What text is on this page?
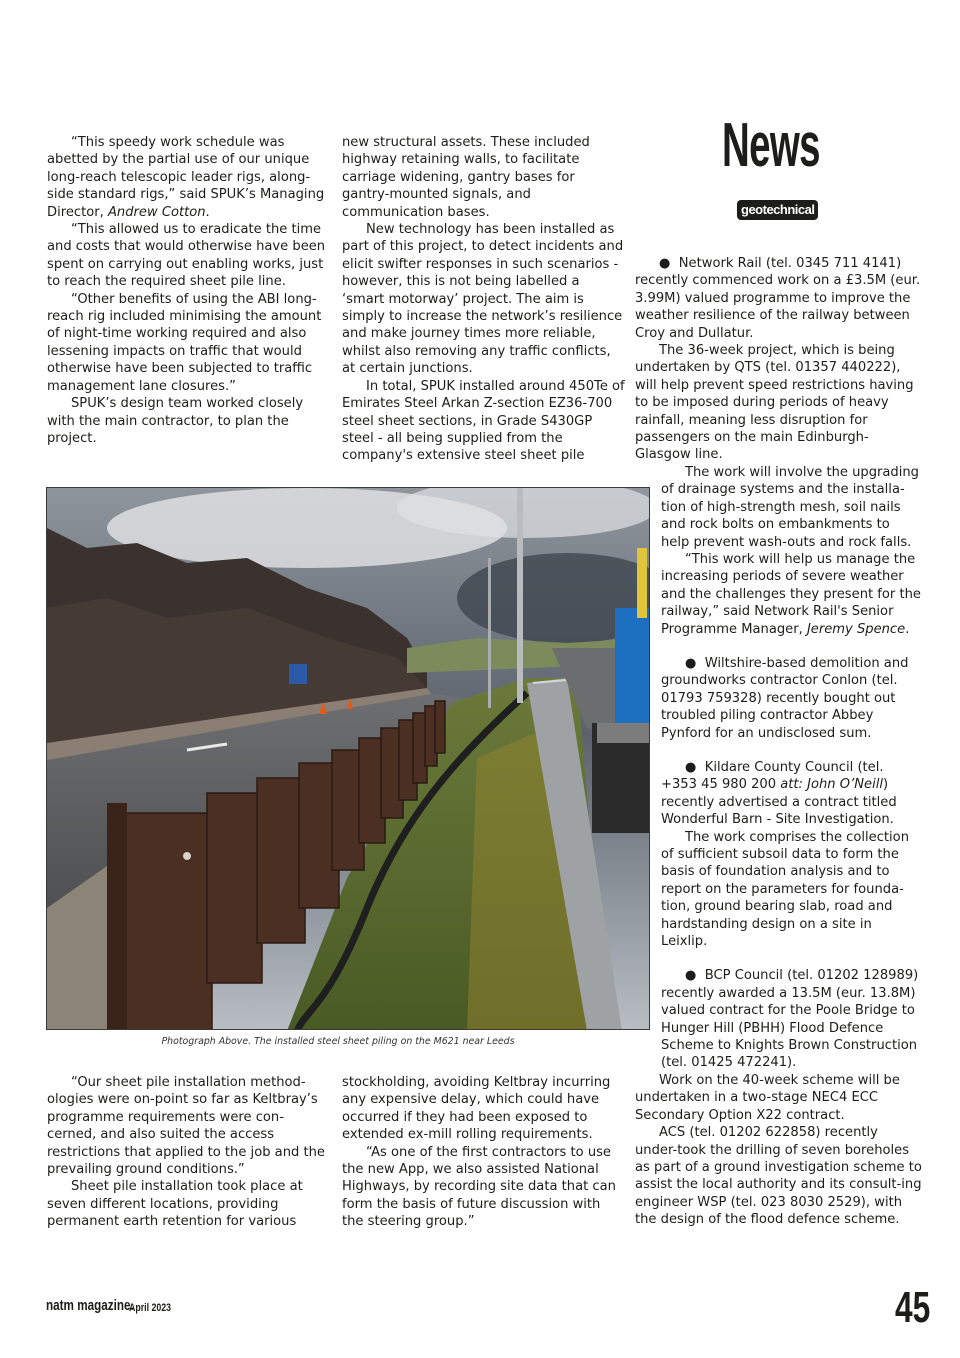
News
geotechnical

“This speedy work schedule was abetted by the partial use of our unique long-reach telescopic leader rigs, along-side standard rigs,” said SPUK’s Managing Director, Andrew Cotton.

“This allowed us to eradicate the time and costs that would otherwise have been spent on carrying out enabling works, just to reach the required sheet pile line.

“Other benefits of using the ABI long-reach rig included minimising the amount of night-time working required and also lessening impacts on traffic that would otherwise have been subjected to traffic management lane closures.”

SPUK’s design team worked closely with the main contractor, to plan the project.

new structural assets. These included highway retaining walls, to facilitate carriage widening, gantry bases for gantry-mounted signals, and communication bases.

New technology has been installed as part of this project, to detect incidents and elicit swifter responses in such scenarios - however, this is not being labelled a ‘smart motorway’ project. The aim is simply to increase the network’s resilience and make journey times more reliable, whilst also removing any traffic conflicts, at certain junctions.

In total, SPUK installed around 450Te of Emirates Steel Arkan Z-section EZ36-700 steel sheet sections, in Grade S430GP steel - all being supplied from the company's extensive steel sheet pile

●  Network Rail (tel. 0345 711 4141) recently commenced work on a £3.5M (eur. 3.99M) valued programme to improve the weather resilience of the railway between Croy and Dullatur.

The 36-week project, which is being undertaken by QTS (tel. 01357 440222), will help prevent speed restrictions having to be imposed during periods of heavy rainfall, meaning less disruption for passengers on the main Edinburgh-Glasgow line.

The work will involve the upgrading of drainage systems and the installa-tion of high-strength mesh, soil nails and rock bolts on embankments to help prevent wash-outs and rock falls.

“This work will help us manage the increasing periods of severe weather and the challenges they present for the railway,” said Network Rail's Senior Programme Manager, Jeremy Spence.

●  Wiltshire-based demolition and groundworks contractor Conlon (tel. 01793 759328) recently bought out troubled piling contractor Abbey Pynford for an undisclosed sum.

●  Kildare County Council (tel. +353 45 980 200 att: John O’Neill) recently advertised a contract titled Wonderful Barn - Site Investigation.

The work comprises the collection of sufficient subsoil data to form the basis of foundation analysis and to report on the parameters for founda-tion, ground bearing slab, road and hardstanding design on a site in Leixlip.

●  BCP Council (tel. 01202 128989) recently awarded a 13.5M (eur. 13.8M) valued contract for the Poole Bridge to Hunger Hill (PBHH) Flood Defence Scheme to Knights Brown Construction (tel. 01425 472241).

Work on the 40-week scheme will be undertaken in a two-stage NEC4 ECC Secondary Option X22 contract.

ACS (tel. 01202 622858) recently under-took the drilling of seven boreholes as part of a ground investigation scheme to assist the local authority and its consult-ing engineer WSP (tel. 023 8030 2529), with the design of the flood defence scheme.

Photograph Above. The installed steel sheet piling on the M621 near Leeds

“Our sheet pile installation method-ologies were on-point so far as Keltbray’s programme requirements were con-cerned, and also suited the access restrictions that applied to the job and the prevailing ground conditions.”

Sheet pile installation took place at seven different locations, providing permanent earth retention for various

stockholding, avoiding Keltbray incurring any expensive delay, which could have occurred if they had been exposed to extended ex-mill rolling requirements.

“As one of the first contractors to use the new App, we also assisted National Highways, by recording site data that can form the basis of future discussion with the steering group.”

natm magazine.
April 2023	45
